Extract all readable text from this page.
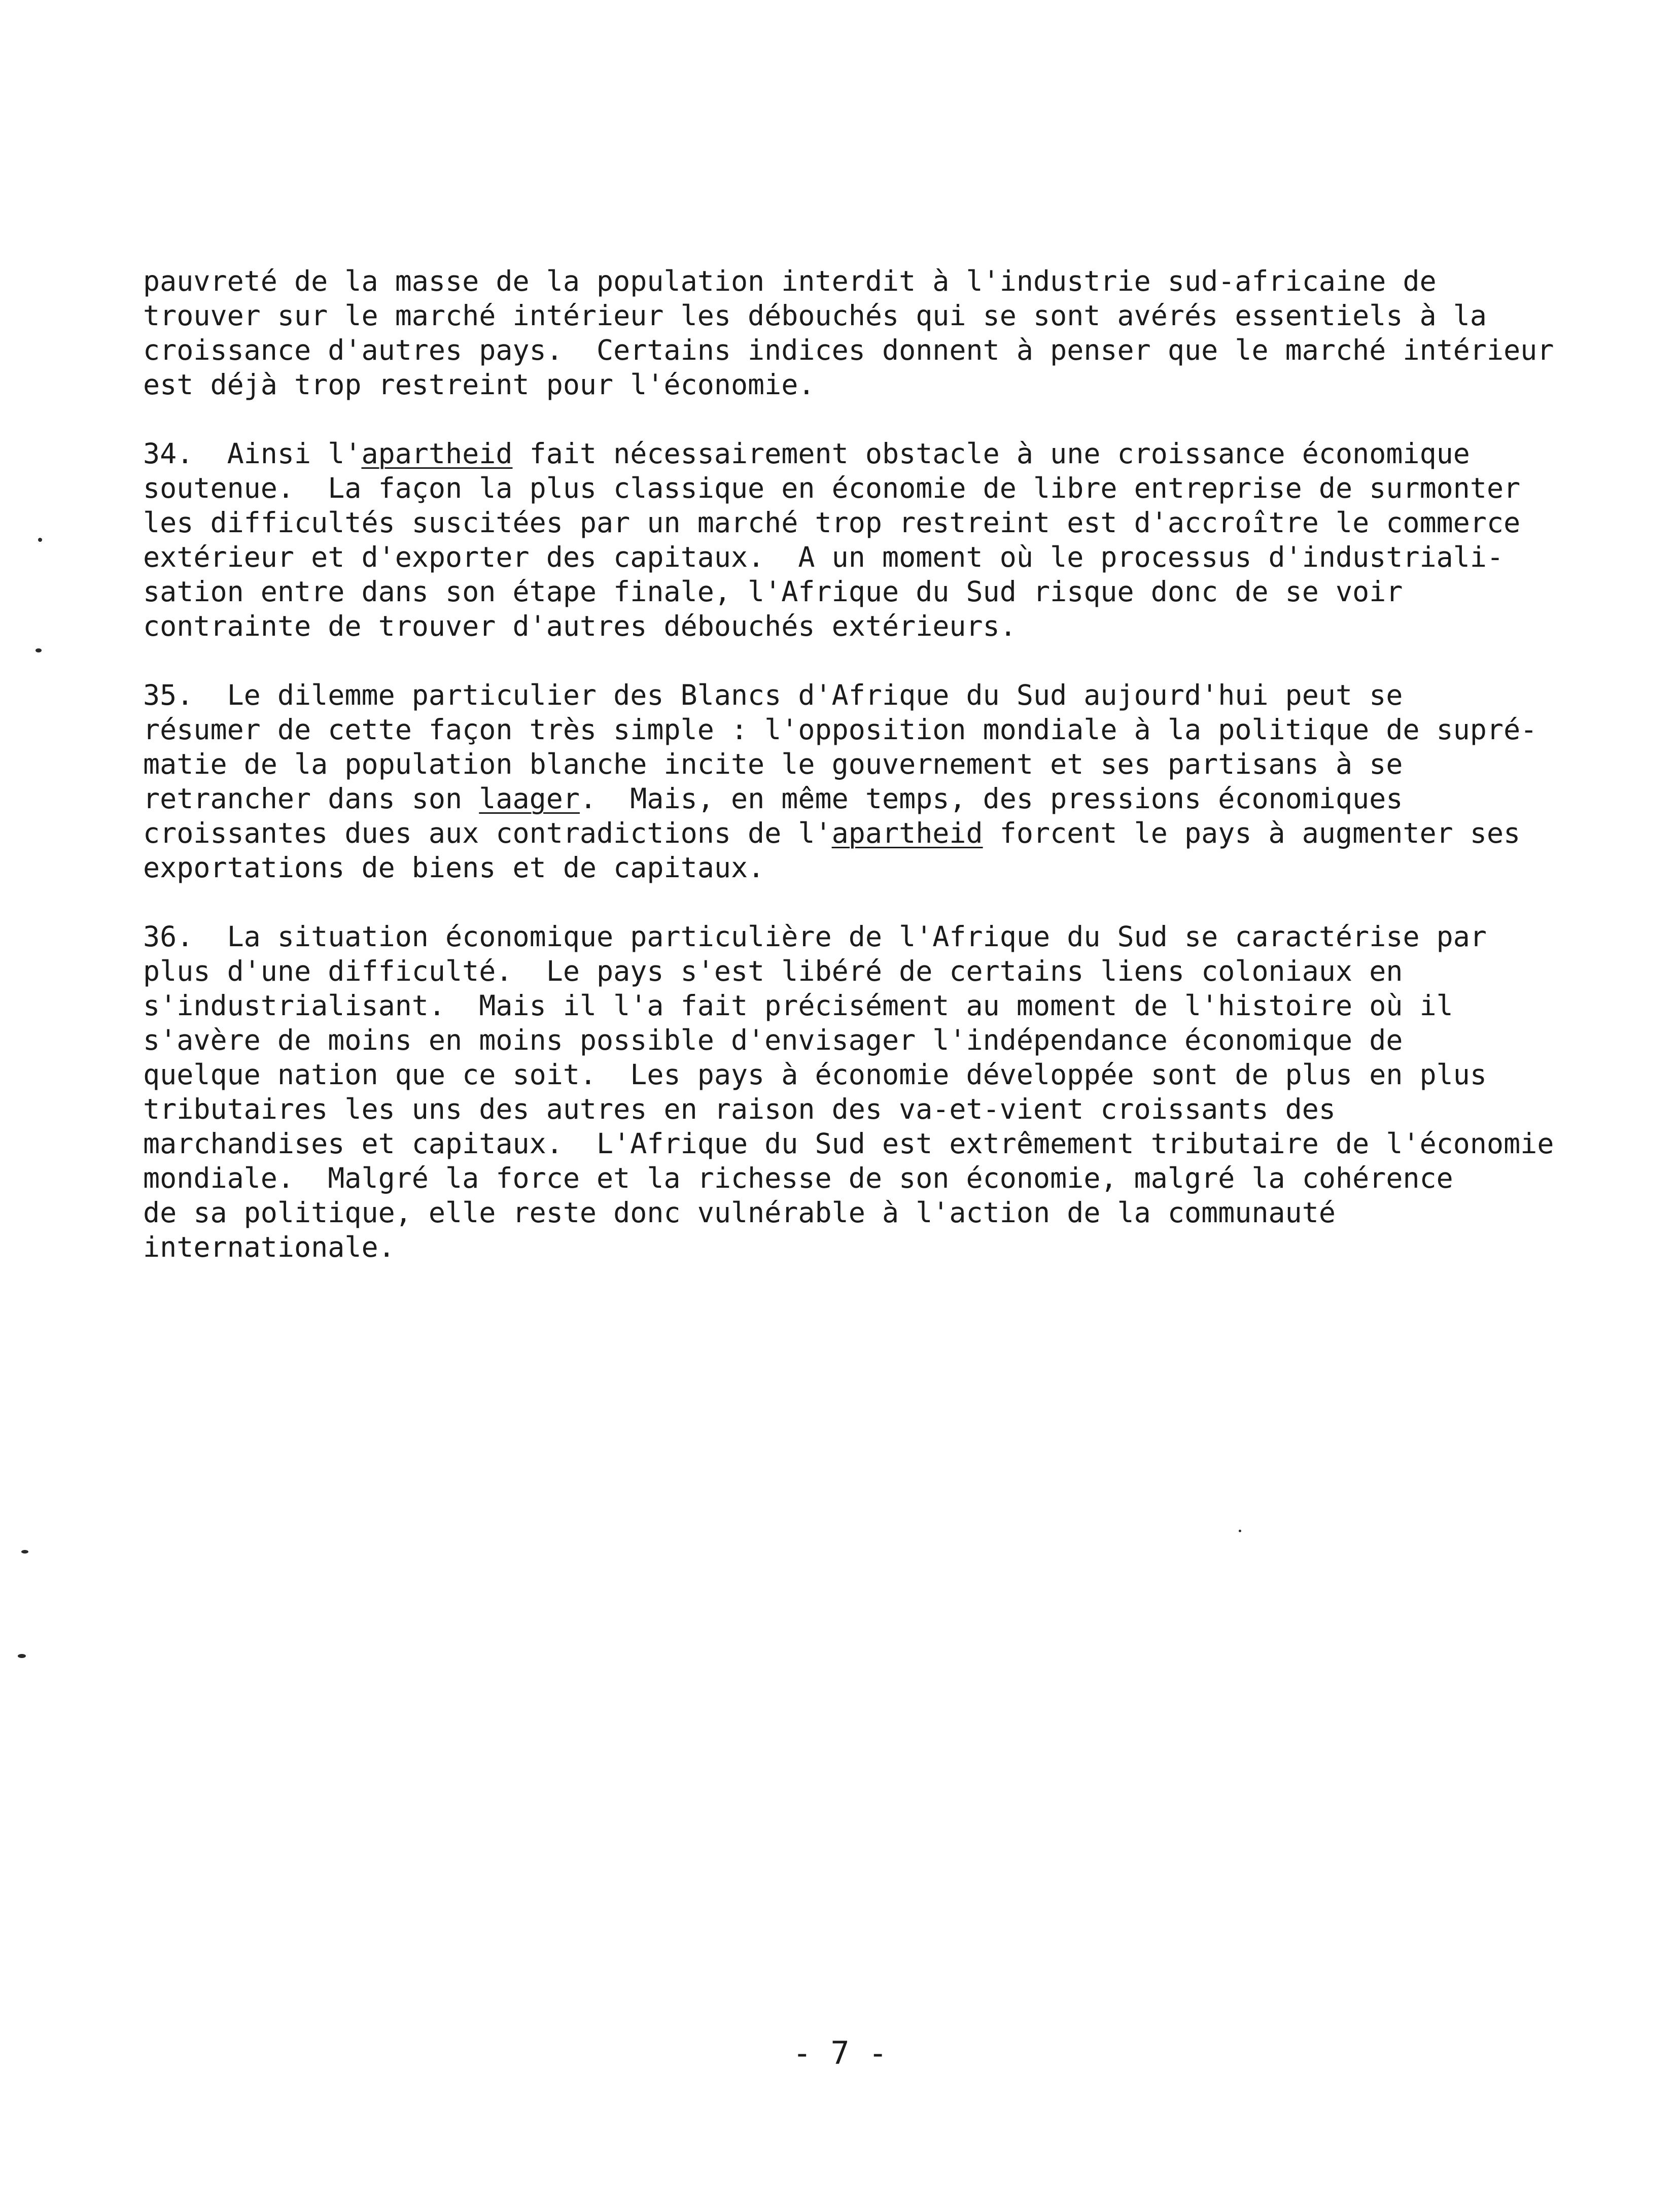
pauvreté de la masse de la population interdit à l'industrie sud-africaine de
trouver sur le marché intérieur les débouchés qui se sont avérés essentiels à la
croissance d'autres pays.  Certains indices donnent à penser que le marché intérieur
est déjà trop restreint pour l'économie.
34.  Ainsi l'apartheid fait nécessairement obstacle à une croissance économique
soutenue.  La façon la plus classique en économie de libre entreprise de surmonter
les difficultés suscitées par un marché trop restreint est d'accroître le commerce
extérieur et d'exporter des capitaux.  A un moment où le processus d'industriali-
sation entre dans son étape finale, l'Afrique du Sud risque donc de se voir
contrainte de trouver d'autres débouchés extérieurs.
35.  Le dilemme particulier des Blancs d'Afrique du Sud aujourd'hui peut se
résumer de cette façon très simple : l'opposition mondiale à la politique de supré-
matie de la population blanche incite le gouvernement et ses partisans à se
retrancher dans son laager.  Mais, en même temps, des pressions économiques
croissantes dues aux contradictions de l'apartheid forcent le pays à augmenter ses
exportations de biens et de capitaux.
36.  La situation économique particulière de l'Afrique du Sud se caractérise par
plus d'une difficulté.  Le pays s'est libéré de certains liens coloniaux en
s'industrialisant.  Mais il l'a fait précisément au moment de l'histoire où il
s'avère de moins en moins possible d'envisager l'indépendance économique de
quelque nation que ce soit.  Les pays à économie développée sont de plus en plus
tributaires les uns des autres en raison des va-et-vient croissants des
marchandises et capitaux.  L'Afrique du Sud est extrêmement tributaire de l'économie
mondiale.  Malgré la force et la richesse de son économie, malgré la cohérence
de sa politique, elle reste donc vulnérable à l'action de la communauté
internationale.
- 7 -
